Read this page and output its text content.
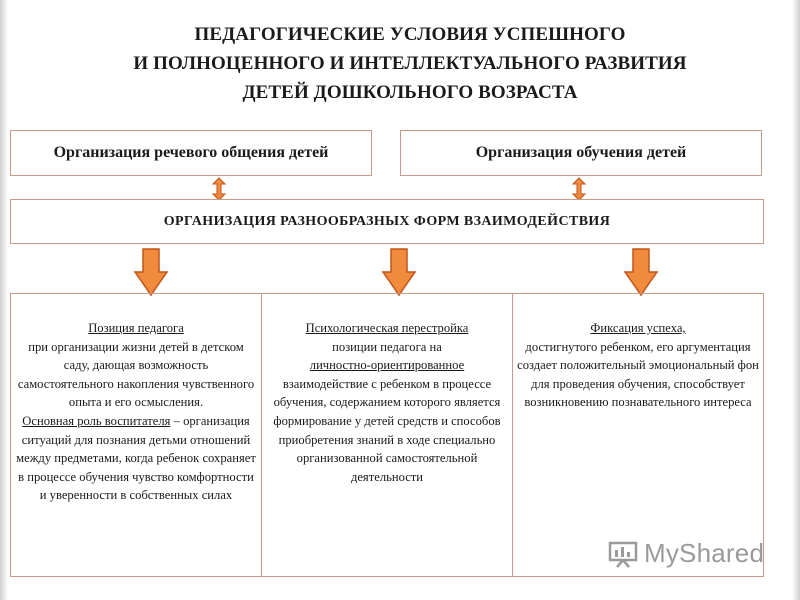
ПЕДАГОГИЧЕСКИЕ УСЛОВИЯ УСПЕШНОГО
И ПОЛНОЦЕННОГО И ИНТЕЛЛЕКТУАЛЬНОГО РАЗВИТИЯ
ДЕТЕЙ ДОШКОЛЬНОГО ВОЗРАСТА
Организация речевого общения детей	Организация обучения детей
ОРГАНИЗАЦИЯ РАЗНООБРАЗНЫХ ФОРМ ВЗАИМОДЕЙСТВИЯ

Позиция педагога
при организации жизни детей в детском саду, дающая возможность самостоятельного накопления чувственного опыта и его осмысления.
Основная роль воспитателя – организация ситуаций для познания детьми отношений между предметами, когда ребенок сохраняет в процессе обучения чувство комфортности и уверенности в собственных силах

Психологическая перестройка
позиции педагога на
личностно-ориентированное
взаимодействие с ребенком в процессе обучения, содержанием которого является формирование у детей средств и способов приобретения знаний в ходе специально организованной самостоятельной деятельности

Фиксация успеха,
достигнутого ребенком, его аргументация создает положительный эмоциональный фон для проведения обучения, способствует возникновению познавательного интереса

MyShared
